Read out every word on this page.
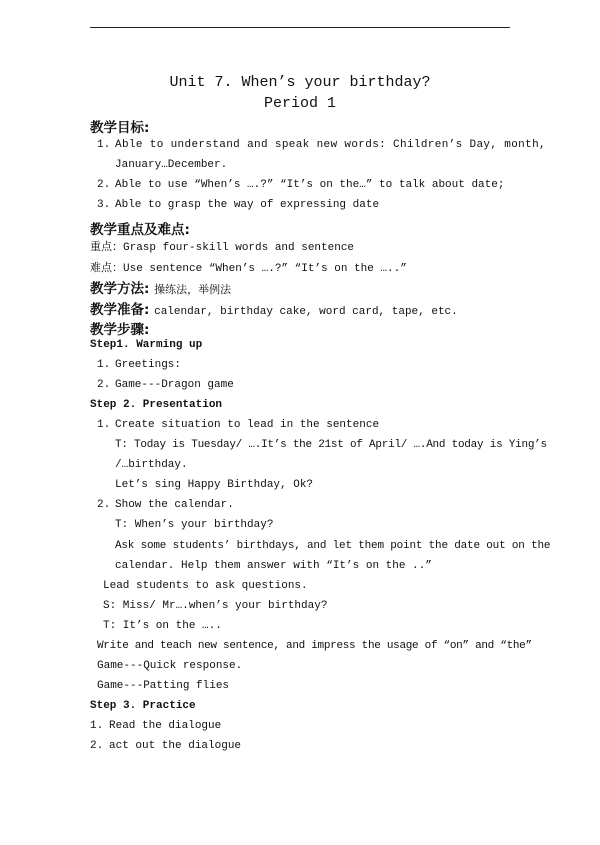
Unit 7. When’s your birthday?
Period 1
教学目标:
1. Able to understand and speak new words: Children’s Day, month,
January…December.
2. Able to use “When’s ….?” “It’s on the…” to talk about date;
3. Able to grasp the way of expressing date
教学重点及难点:
重点：Grasp four-skill words and sentence
难点：Use sentence “When’s ….?” “It’s on the …..”
教学方法: 操练法，举例法
教学准备: calendar, birthday cake, word card, tape, etc.
教学步骤:
Step1. Warming up
1. Greetings:
2. Game---Dragon game
Step 2. Presentation
1. Create situation to lead in the sentence
T: Today is Tuesday/ ….It’s the 21st of April/ ….And today is Ying’s
/…birthday.
Let’s sing Happy Birthday, Ok?
2. Show the calendar.
T: When’s your birthday?
Ask some students’ birthdays, and let them point the date out on the
calendar. Help them answer with “It’s on the ..”
Lead students to ask questions.
S: Miss/ Mr….when’s your birthday?
T: It’s on the …..
Write and teach new sentence, and impress the usage of “on” and “the”
Game---Quick response.
Game---Patting flies
Step 3. Practice
1. Read the dialogue
2. act out the dialogue
